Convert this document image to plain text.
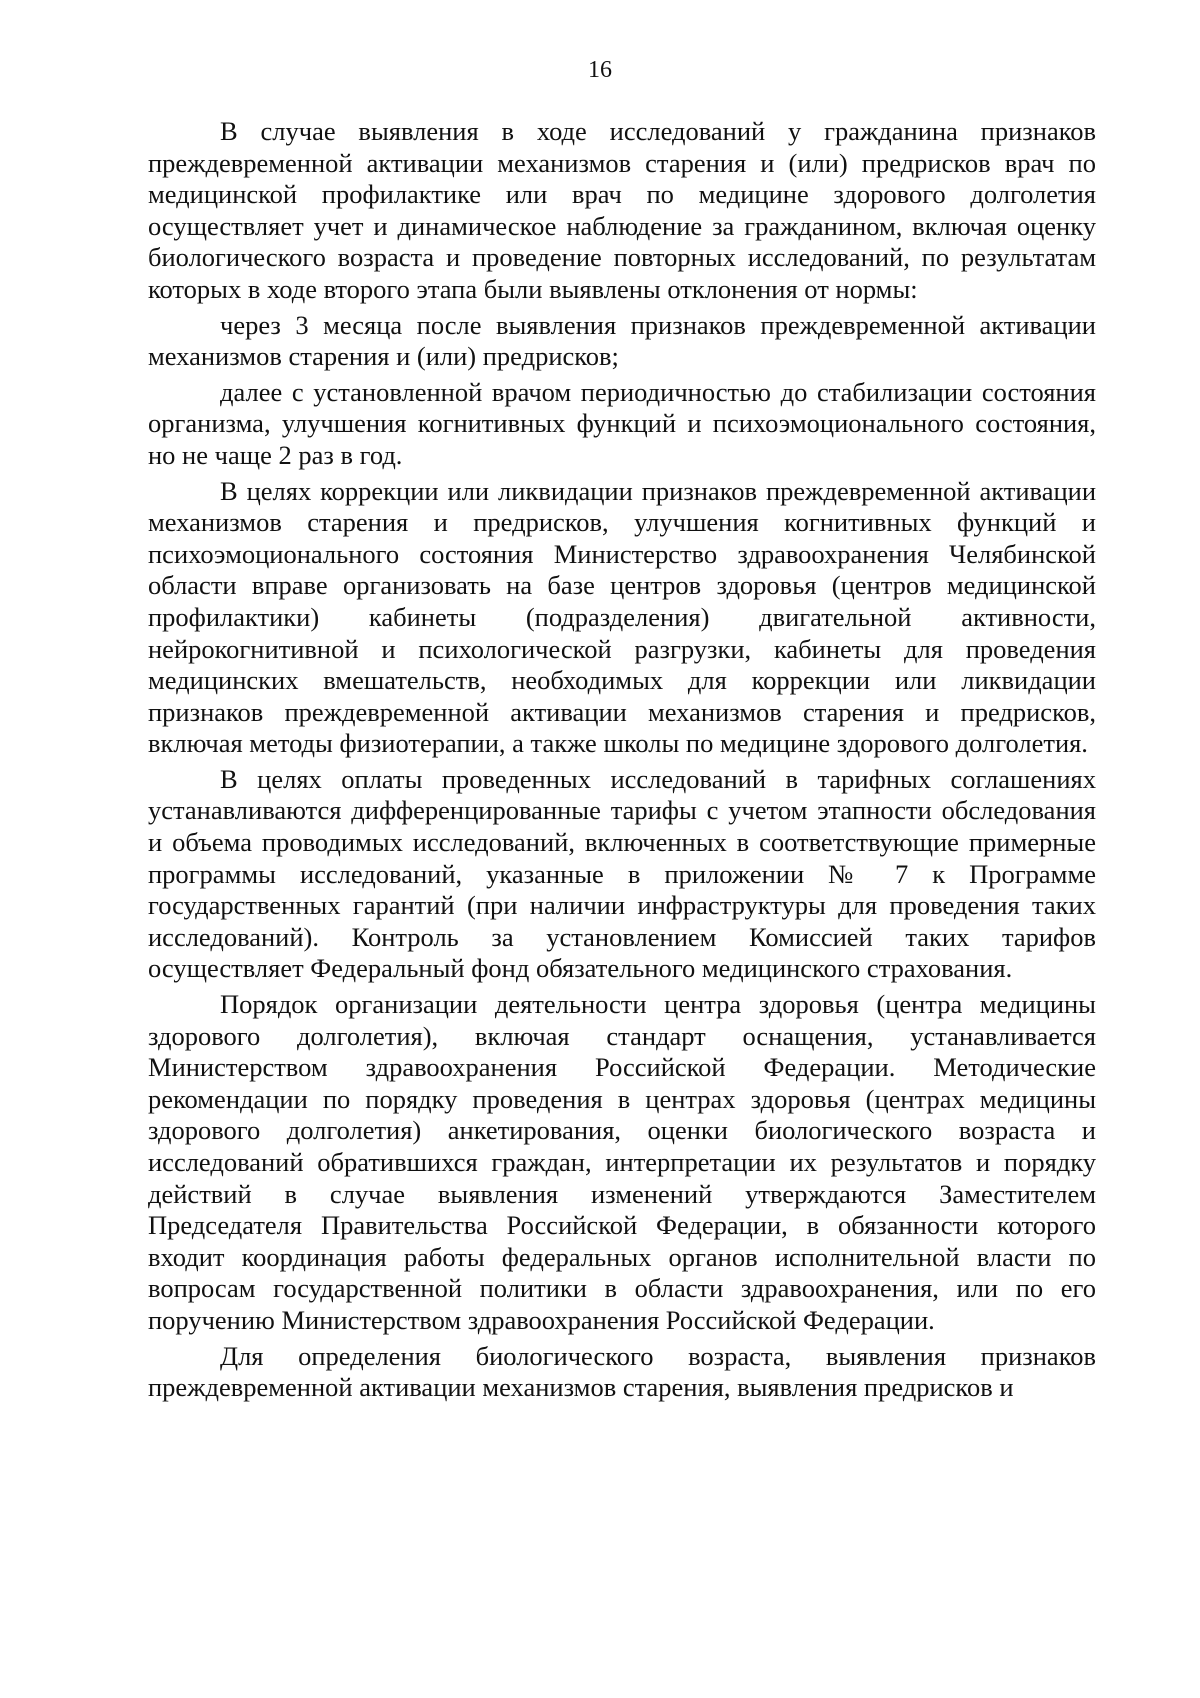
16

В случае выявления в ходе исследований у гражданина признаков преждевременной активации механизмов старения и (или) предрисков врач по медицинской профилактике или врач по медицине здорового долголетия осуществляет учет и динамическое наблюдение за гражданином, включая оценку биологического возраста и проведение повторных исследований, по результатам которых в ходе второго этапа были выявлены отклонения от нормы:

через 3 месяца после выявления признаков преждевременной активации механизмов старения и (или) предрисков;

далее с установленной врачом периодичностью до стабилизации состояния организма, улучшения когнитивных функций и психоэмоционального состояния, но не чаще 2 раз в год.

В целях коррекции или ликвидации признаков преждевременной активации механизмов старения и предрисков, улучшения когнитивных функций и психоэмоционального состояния Министерство здравоохранения Челябинской области вправе организовать на базе центров здоровья (центров медицинской профилактики) кабинеты (подразделения) двигательной активности, нейрокогнитивной и психологической разгрузки, кабинеты для проведения медицинских вмешательств, необходимых для коррекции или ликвидации признаков преждевременной активации механизмов старения и предрисков, включая методы физиотерапии, а также школы по медицине здорового долголетия.

В целях оплаты проведенных исследований в тарифных соглашениях устанавливаются дифференцированные тарифы с учетом этапности обследования и объема проводимых исследований, включенных в соответствующие примерные программы исследований, указанные в приложении № 7 к Программе государственных гарантий (при наличии инфраструктуры для проведения таких исследований). Контроль за установлением Комиссией таких тарифов осуществляет Федеральный фонд обязательного медицинского страхования.

Порядок организации деятельности центра здоровья (центра медицины здорового долголетия), включая стандарт оснащения, устанавливается Министерством здравоохранения Российской Федерации. Методические рекомендации по порядку проведения в центрах здоровья (центрах медицины здорового долголетия) анкетирования, оценки биологического возраста и исследований обратившихся граждан, интерпретации их результатов и порядку действий в случае выявления изменений утверждаются Заместителем Председателя Правительства Российской Федерации, в обязанности которого входит координация работы федеральных органов исполнительной власти по вопросам государственной политики в области здравоохранения, или по его поручению Министерством здравоохранения Российской Федерации.

Для определения биологического возраста, выявления признаков преждевременной активации механизмов старения, выявления предрисков и
